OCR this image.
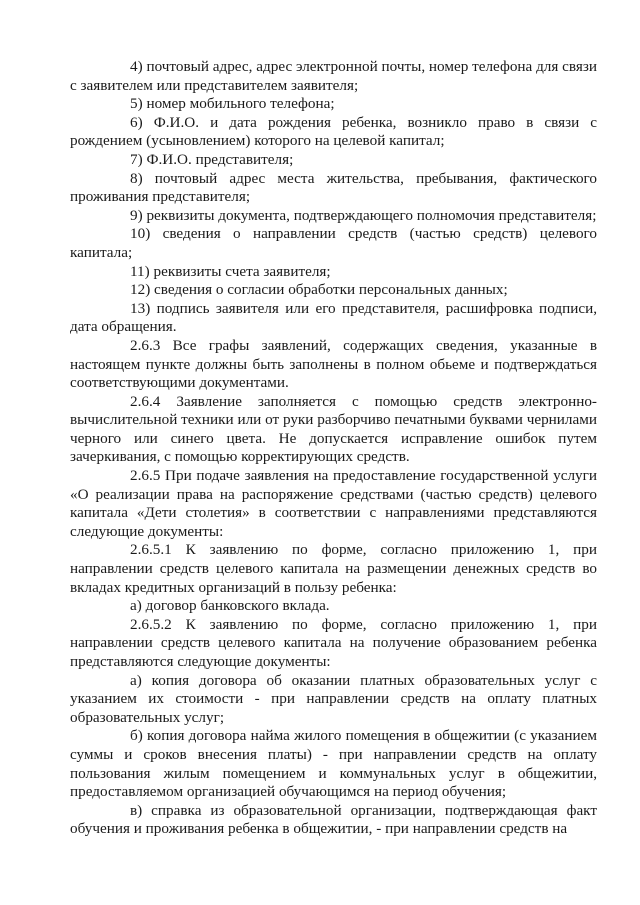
4) почтовый адрес, адрес электронной почты, номер телефона для связи с заявителем или представителем заявителя;

5) номер мобильного телефона;

6) Ф.И.О. и дата рождения ребенка, возникло право в связи с рождением (усыновлением) которого на целевой капитал;

7) Ф.И.О. представителя;

8) почтовый адрес места жительства, пребывания, фактического проживания представителя;

9) реквизиты документа, подтверждающего полномочия представителя;

10) сведения о направлении средств (частью средств) целевого капитала;

11) реквизиты счета заявителя;

12) сведения о согласии обработки персональных данных;

13) подпись заявителя или его представителя, расшифровка подписи, дата обращения.

2.6.3 Все графы заявлений, содержащих сведения, указанные в настоящем пункте должны быть заполнены в полном обьеме и подтверждаться соответствующими документами.

2.6.4 Заявление заполняется с помощью средств электронно-вычислительной техники или от руки разборчиво печатными буквами чернилами черного или синего цвета. Не допускается исправление ошибок путем зачеркивания, с помощью корректирующих средств.

2.6.5 При подаче заявления на предоставление государственной услуги «О реализации права на распоряжение средствами (частью средств) целевого капитала «Дети столетия» в соответствии с направлениями представляются следующие документы:

2.6.5.1 К заявлению по форме, согласно приложению 1, при направлении средств целевого капитала на размещении денежных средств во вкладах кредитных организаций в пользу ребенка:

а) договор банковского вклада.

2.6.5.2 К заявлению по форме, согласно приложению 1, при направлении средств целевого капитала на получение образованием ребенка представляются следующие документы:

а) копия договора об оказании платных образовательных услуг с указанием их стоимости - при направлении средств на оплату платных образовательных услуг;

б) копия договора найма жилого помещения в общежитии (с указанием суммы и сроков внесения платы) - при направлении средств на оплату пользования жилым помещением и коммунальных услуг в общежитии, предоставляемом организацией обучающимся на период обучения;

в) справка из образовательной организации, подтверждающая факт обучения и проживания ребенка в общежитии, - при направлении средств на
